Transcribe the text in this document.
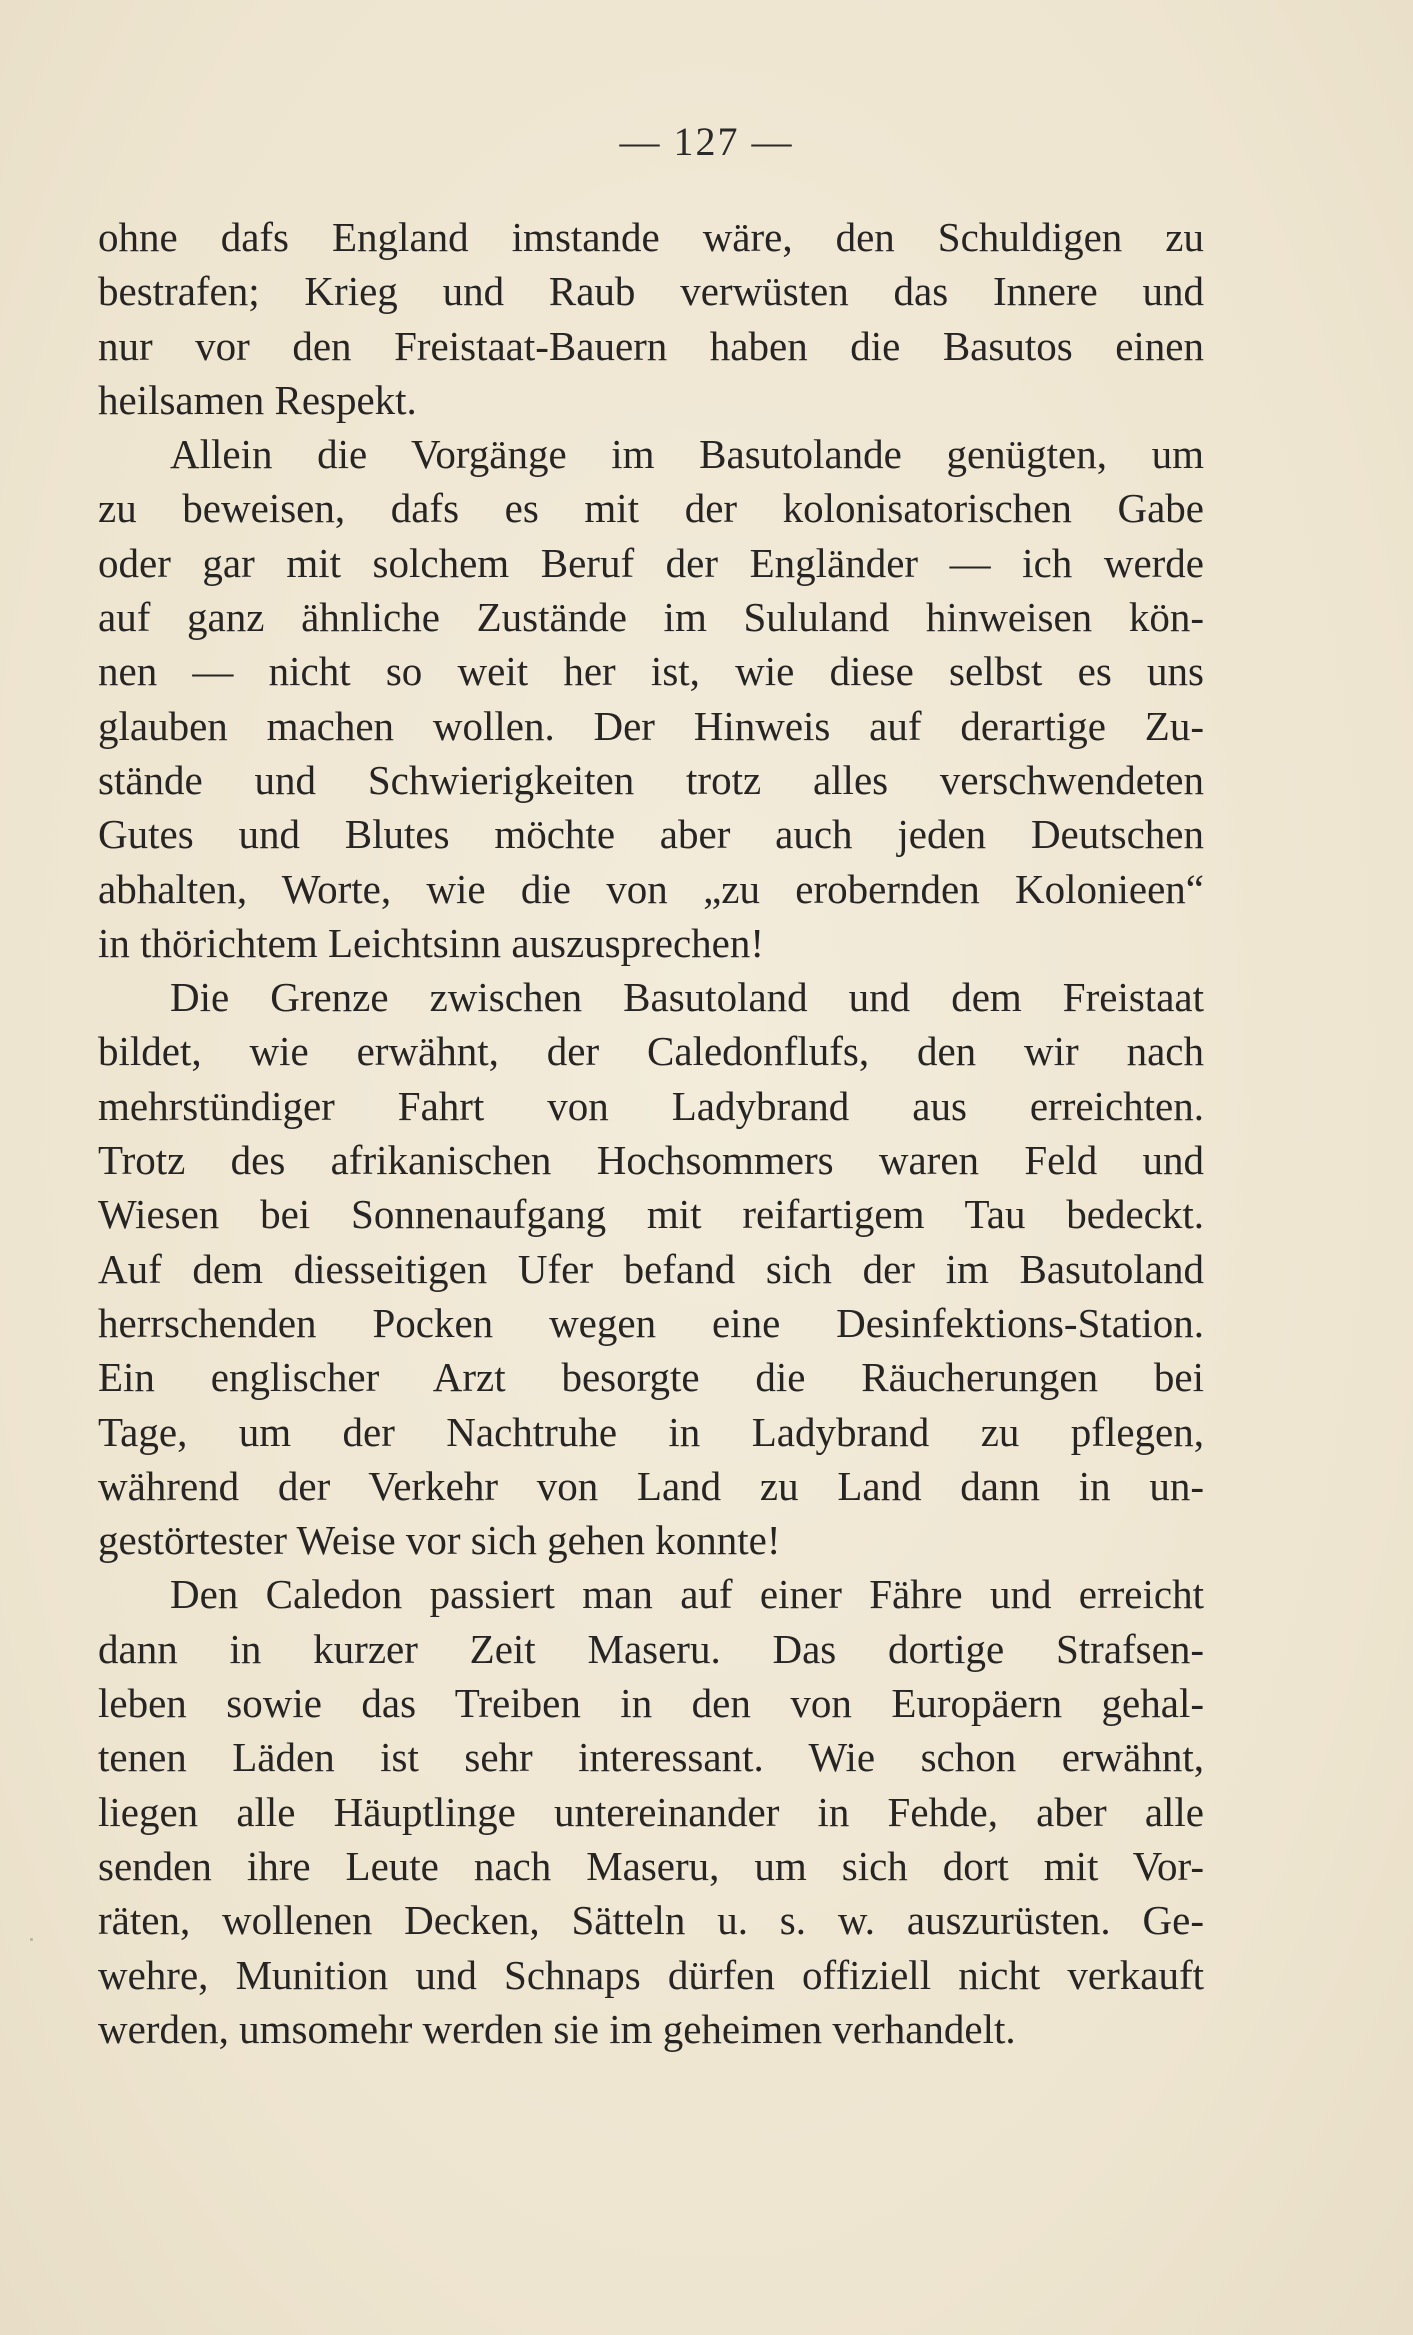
— 127 —
ohne dafs England imstande wäre, den Schuldigen zu
bestrafen; Krieg und Raub verwüsten das Innere und
nur vor den Freistaat-Bauern haben die Basutos einen
heilsamen Respekt.
Allein die Vorgänge im Basutolande genügten, um
zu beweisen, dafs es mit der kolonisatorischen Gabe
oder gar mit solchem Beruf der Engländer — ich werde
auf ganz ähnliche Zustände im Sululand hinweisen kön-
nen — nicht so weit her ist, wie diese selbst es uns
glauben machen wollen. Der Hinweis auf derartige Zu-
stände und Schwierigkeiten trotz alles verschwendeten
Gutes und Blutes möchte aber auch jeden Deutschen
abhalten, Worte, wie die von „zu erobernden Kolonieen“
in thörichtem Leichtsinn auszusprechen!
Die Grenze zwischen Basutoland und dem Freistaat
bildet, wie erwähnt, der Caledonflufs, den wir nach
mehrstündiger Fahrt von Ladybrand aus erreichten.
Trotz des afrikanischen Hochsommers waren Feld und
Wiesen bei Sonnenaufgang mit reifartigem Tau bedeckt.
Auf dem diesseitigen Ufer befand sich der im Basutoland
herrschenden Pocken wegen eine Desinfektions-Station.
Ein englischer Arzt besorgte die Räucherungen bei
Tage, um der Nachtruhe in Ladybrand zu pflegen,
während der Verkehr von Land zu Land dann in un-
gestörtester Weise vor sich gehen konnte!
Den Caledon passiert man auf einer Fähre und erreicht
dann in kurzer Zeit Maseru. Das dortige Strafsen-
leben sowie das Treiben in den von Europäern gehal-
tenen Läden ist sehr interessant. Wie schon erwähnt,
liegen alle Häuptlinge untereinander in Fehde, aber alle
senden ihre Leute nach Maseru, um sich dort mit Vor-
räten, wollenen Decken, Sätteln u. s. w. auszurüsten. Ge-
wehre, Munition und Schnaps dürfen offiziell nicht verkauft
werden, umsomehr werden sie im geheimen verhandelt.
